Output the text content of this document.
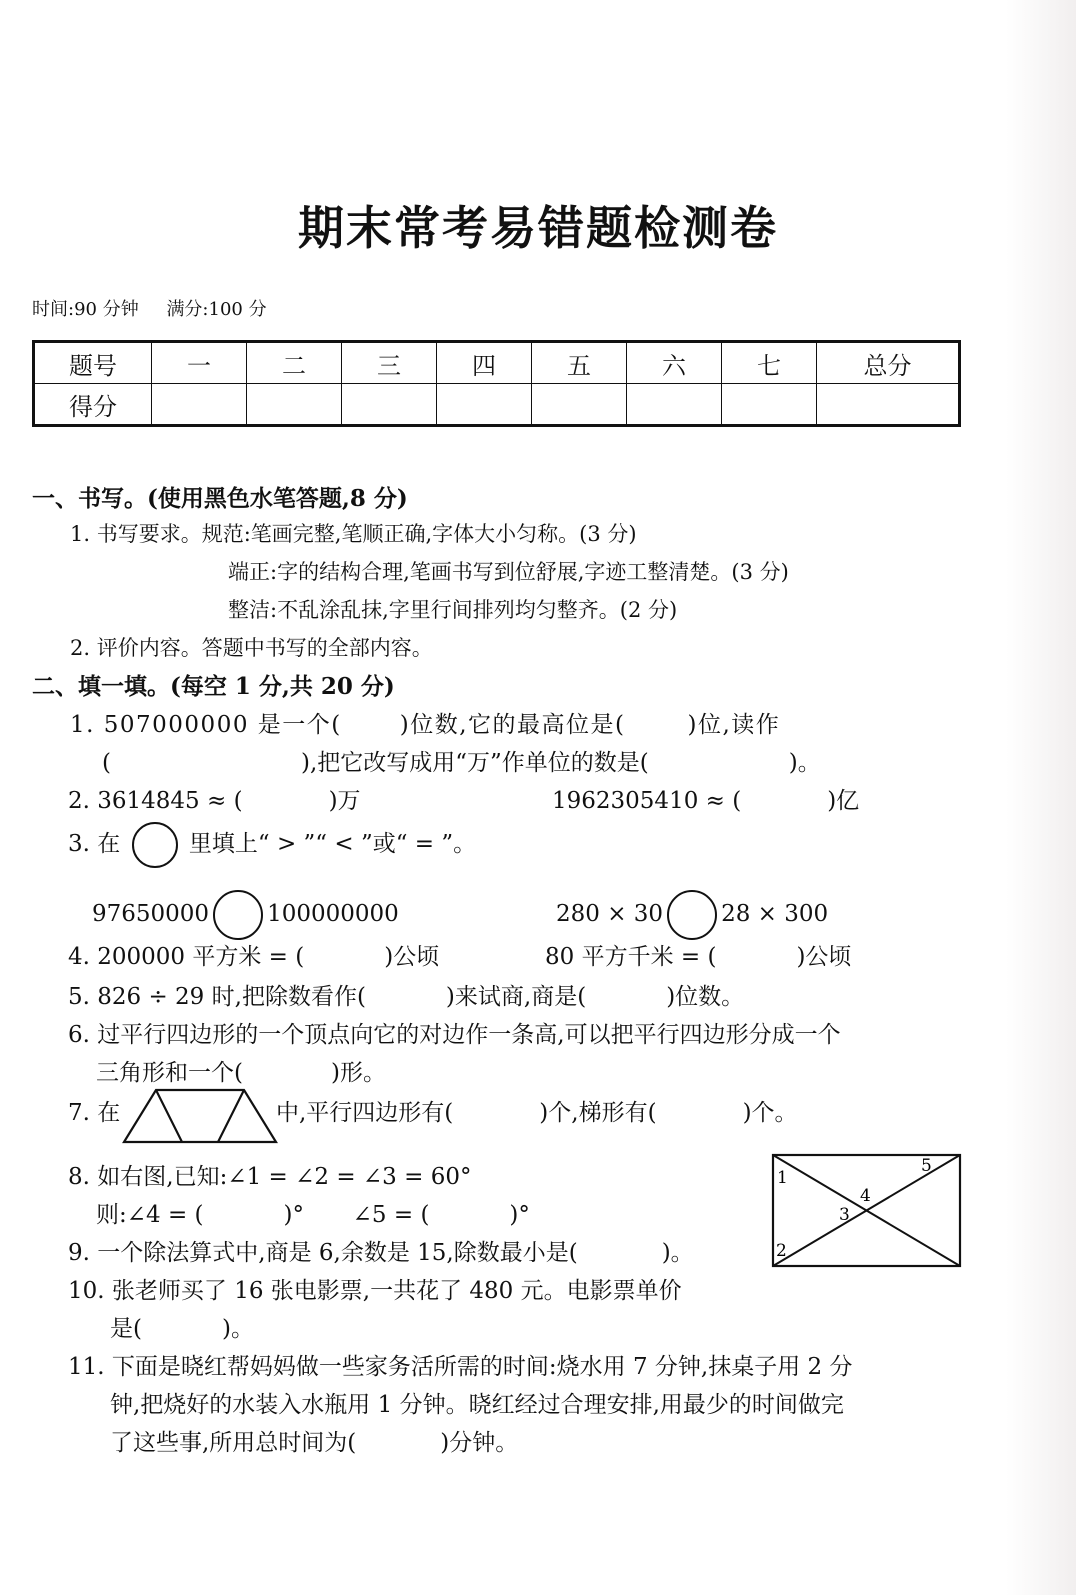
期末常考易错题检测卷
时间:90 分钟 满分:100 分
题号	一	二	三	四	五	六	七	总分
得分								
一、书写。(使用黑色水笔答题,8 分)
1. 书写要求。规范:笔画完整,笔顺正确,字体大小匀称。(3 分)
端正:字的结构合理,笔画书写到位舒展,字迹工整清楚。(3 分)
整洁:不乱涂乱抹,字里行间排列均匀整齐。(2 分)
2. 评价内容。答题中书写的全部内容。
二、填一填。(每空 1 分,共 20 分)
1. 507000000 是一个(	)位数,它的最高位是(	)位,读作
(	),把它改写成用“万”作单位的数是(	)。
2. 3614845 ≈ (	)万	1962305410 ≈ (	)亿
3. 在	里填上“ > ”“ < ”或“ = ”。
97650000	100000000	280 × 30	28 × 300
4. 200000 平方米 = (	)公顷	80 平方千米 = (	)公顷
5. 826 ÷ 29 时,把除数看作(	)来试商,商是(	)位数。
6. 过平行四边形的一个顶点向它的对边作一条高,可以把平行四边形分成一个
三角形和一个(	)形。
7. 在	中,平行四边形有(	)个,梯形有(	)个。
8. 如右图,已知:∠1 = ∠2 = ∠3 = 60°
则:∠4 = (	)° ∠5 = (	)°
1
2
3
4
5
9. 一个除法算式中,商是 6,余数是 15,除数最小是(	)。
10. 张老师买了 16 张电影票,一共花了 480 元。电影票单价
是(	)。
11. 下面是晓红帮妈妈做一些家务活所需的时间:烧水用 7 分钟,抹桌子用 2 分
钟,把烧好的水装入水瓶用 1 分钟。晓红经过合理安排,用最少的时间做完
了这些事,所用总时间为(	)分钟。
